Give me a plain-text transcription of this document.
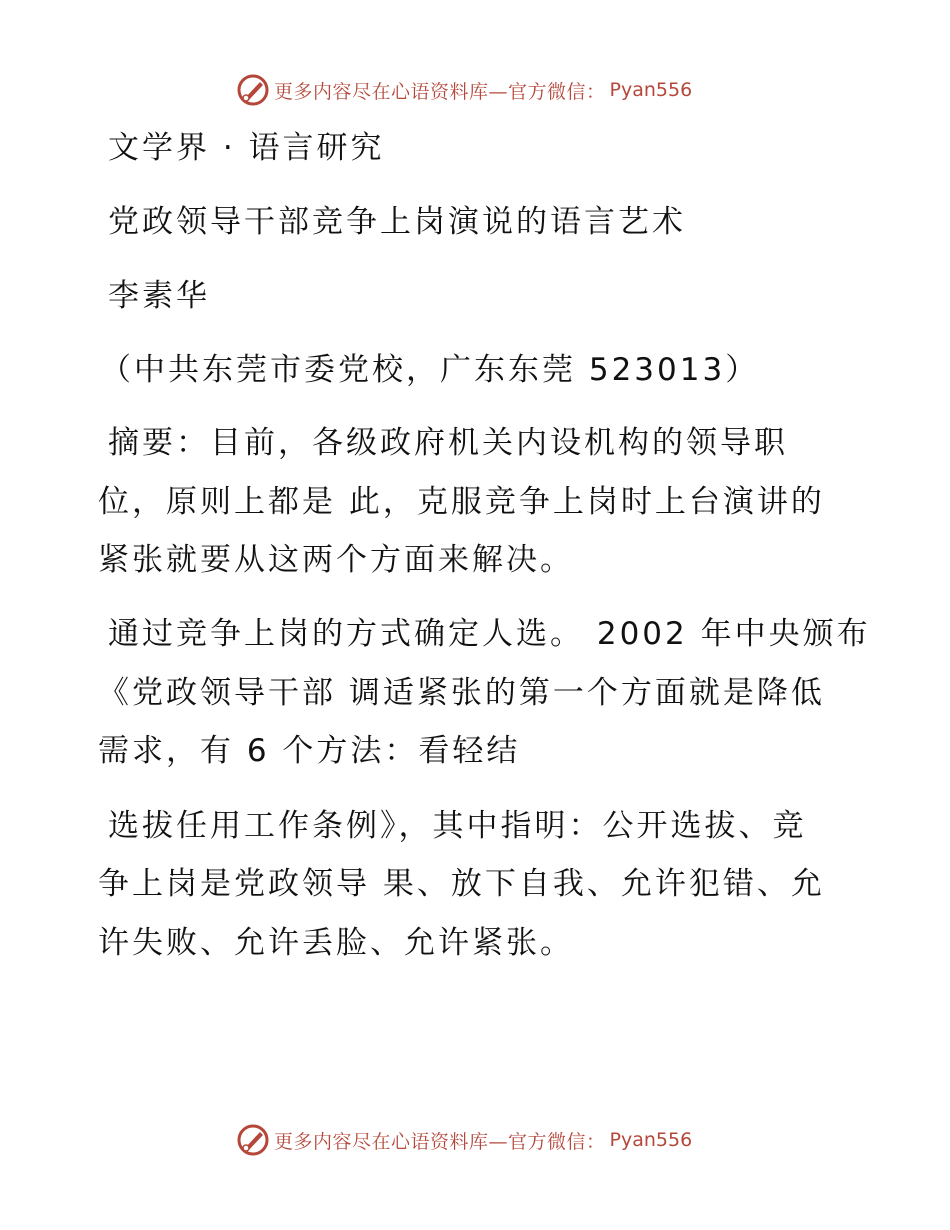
更多内容尽在心语资料库—官方微信： Pyan556
文学界 · 语言研究
党政领导干部竞争上岗演说的语言艺术
李素华
（中共东莞市委党校，广东东莞 523013）
摘要：目前，各级政府机关内设机构的领导职
位，原则上都是 此，克服竞争上岗时上台演讲的
紧张就要从这两个方面来解决。
通过竞争上岗的方式确定人选。 2002 年中央颁布
《党政领导干部 调适紧张的第一个方面就是降低
需求，有 6 个方法：看轻结
选拔任用工作条例》，其中指明：公开选拔、竞
争上岗是党政领导 果、放下自我、允许犯错、允
许失败、允许丢脸、允许紧张。
更多内容尽在心语资料库—官方微信： Pyan556
